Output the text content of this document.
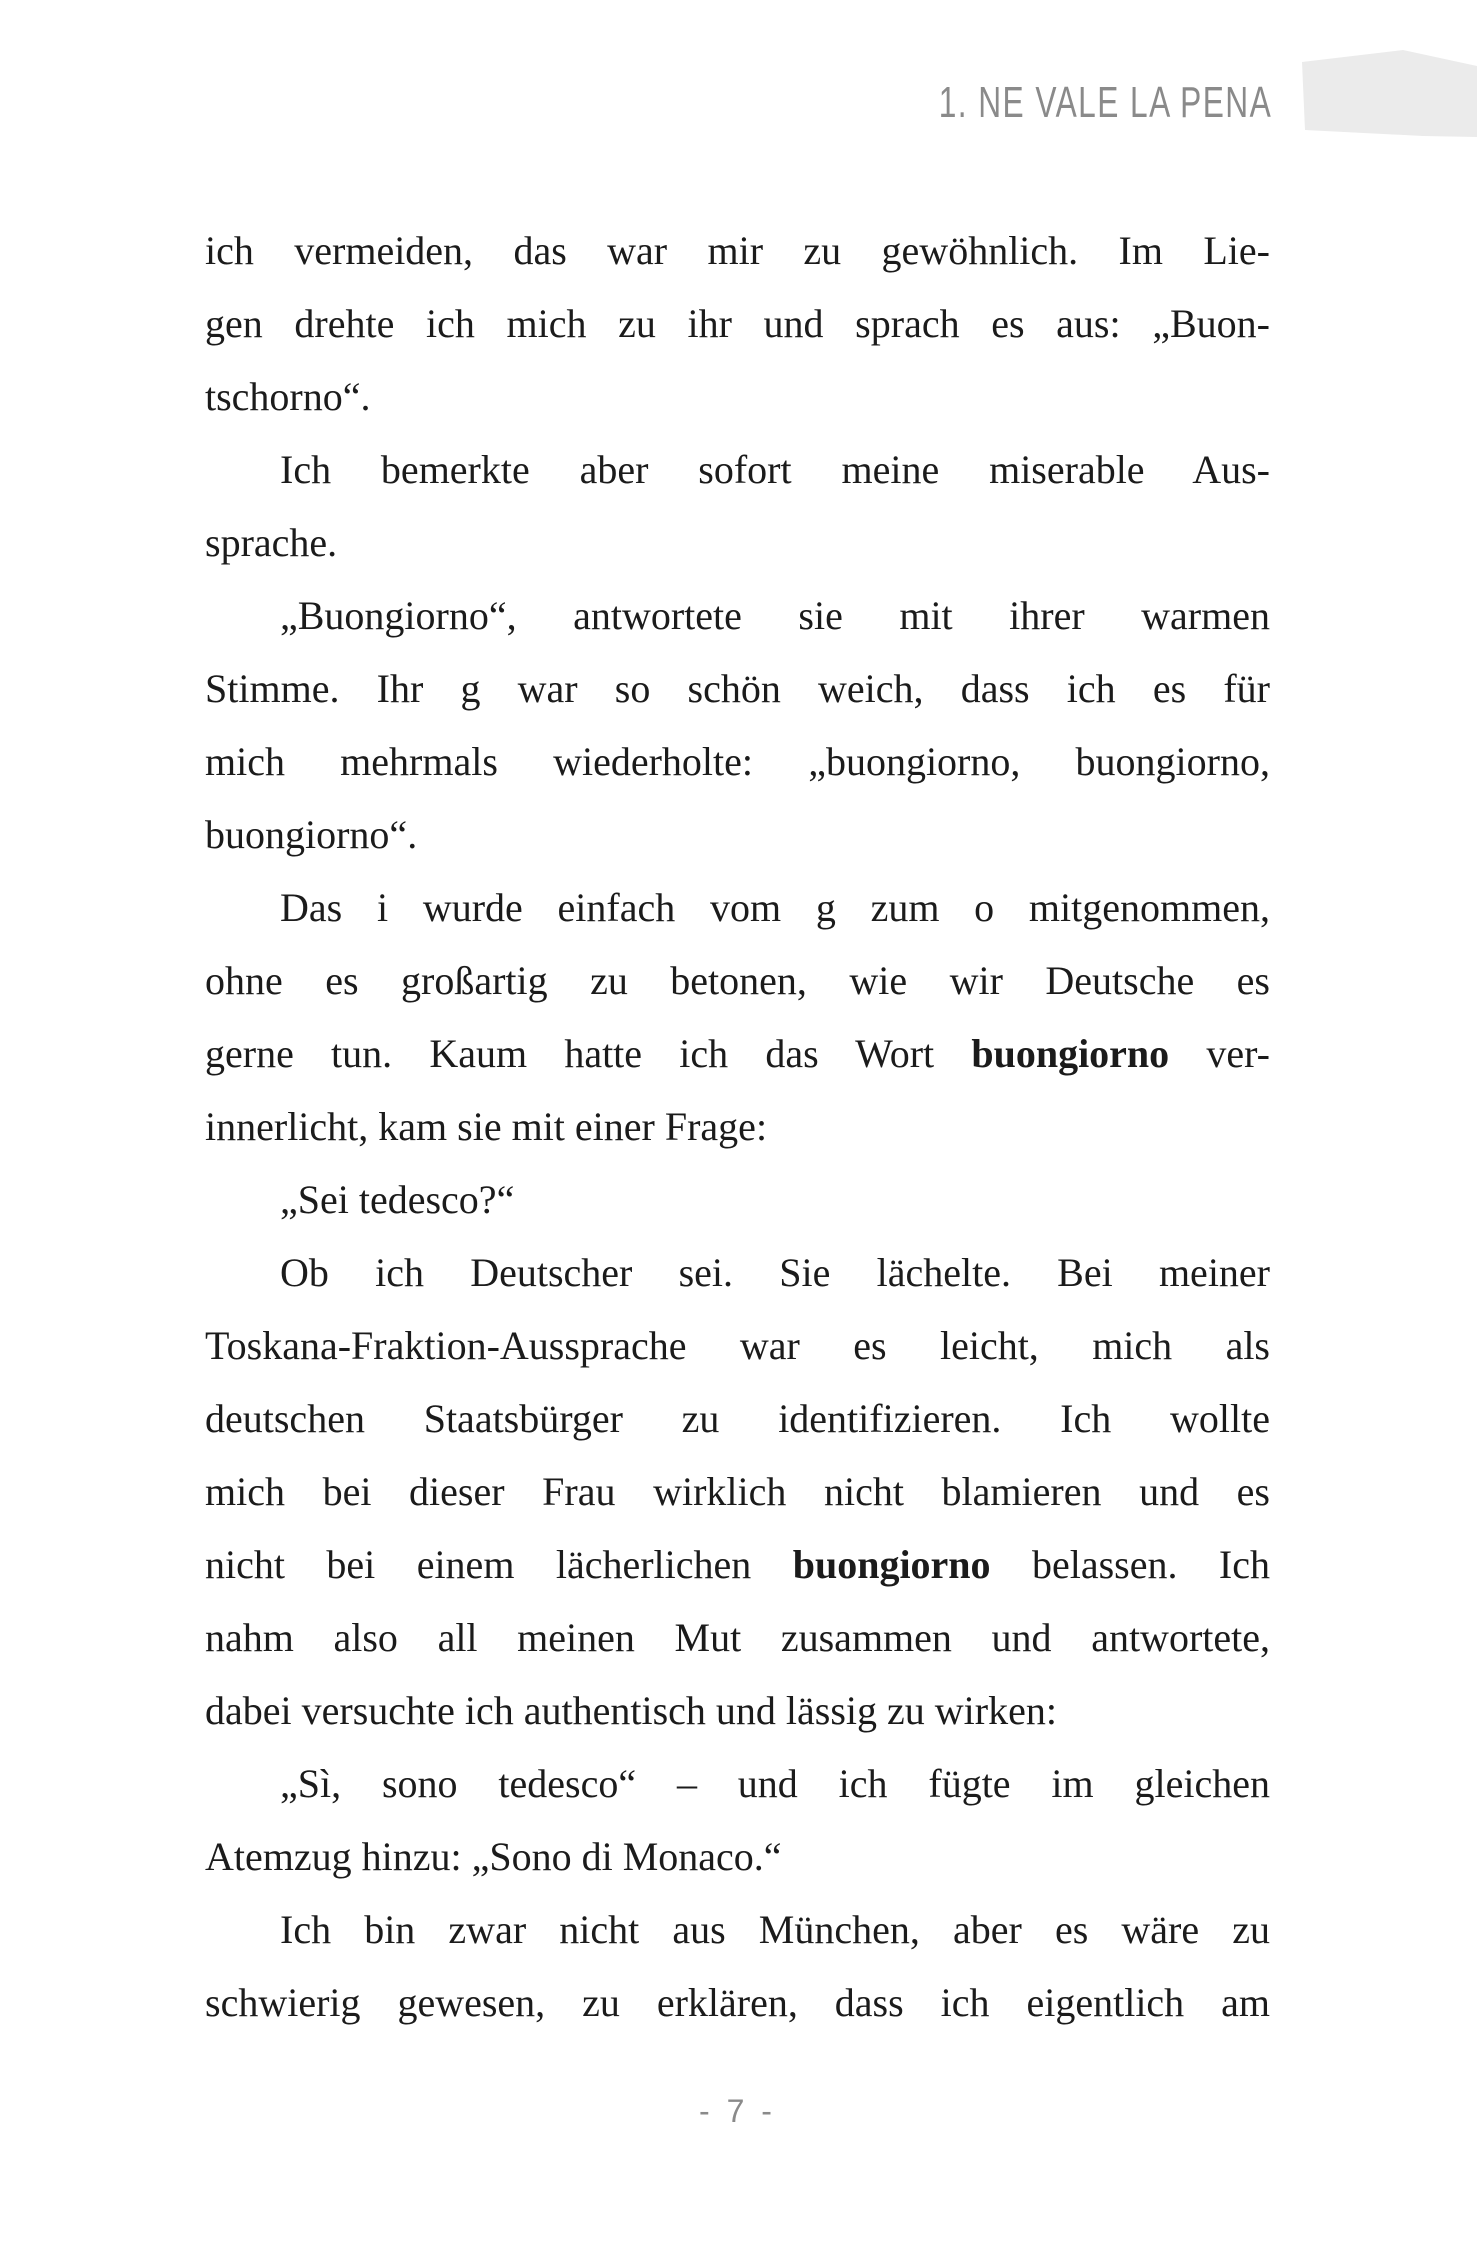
1. NE VALE LA PENA
ich vermeiden, das war mir zu gewöhnlich. Im Lie-
gen drehte ich mich zu ihr und sprach es aus: „Buon-
tschorno“.
Ich bemerkte aber sofort meine miserable Aus-
sprache.
„Buongiorno“, antwortete sie mit ihrer warmen
Stimme. Ihr g war so schön weich, dass ich es für
mich mehrmals wiederholte: „buongiorno, buongiorno,
buongiorno“.
Das i wurde einfach vom g zum o mitgenommen,
ohne es großartig zu betonen, wie wir Deutsche es
gerne tun. Kaum hatte ich das Wort buongiorno ver-
innerlicht, kam sie mit einer Frage:
„Sei tedesco?“
Ob ich Deutscher sei. Sie lächelte. Bei meiner
Toskana-Fraktion-Aussprache war es leicht, mich als
deutschen Staatsbürger zu identifizieren. Ich wollte
mich bei dieser Frau wirklich nicht blamieren und es
nicht bei einem lächerlichen buongiorno belassen. Ich
nahm also all meinen Mut zusammen und antwortete,
dabei versuchte ich authentisch und lässig zu wirken:
„Sì, sono tedesco“ – und ich fügte im gleichen
Atemzug hinzu: „Sono di Monaco.“
Ich bin zwar nicht aus München, aber es wäre zu
schwierig gewesen, zu erklären, dass ich eigentlich am
- 7 -
